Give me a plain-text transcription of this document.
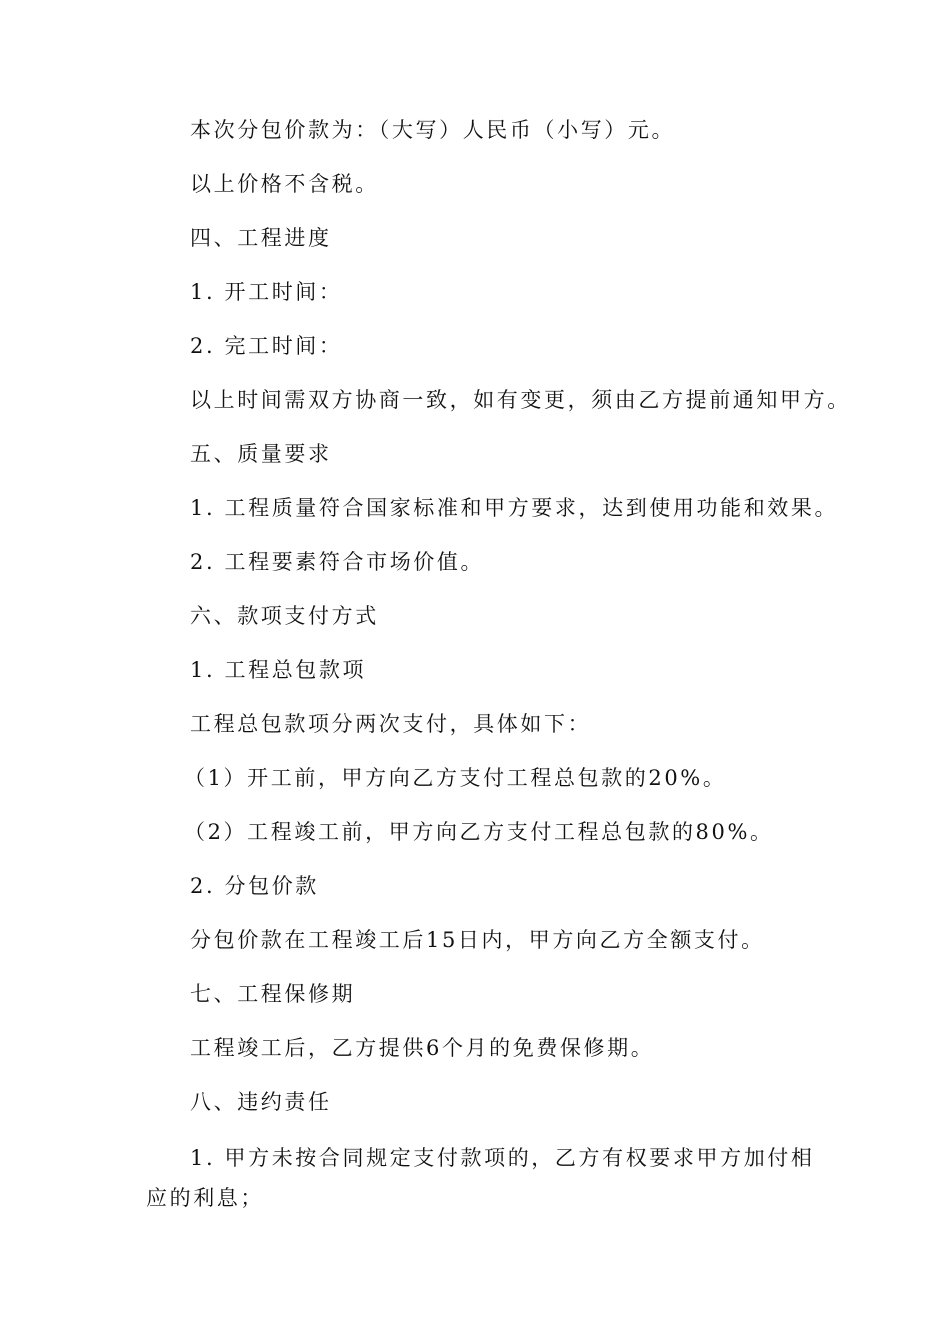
本次分包价款为：（大写）人民币（小写）元。

以上价格不含税。

四、工程进度

1. 开工时间：

2. 完工时间：

以上时间需双方协商一致，如有变更，须由乙方提前通知甲方。

五、质量要求

1. 工程质量符合国家标准和甲方要求，达到使用功能和效果。

2. 工程要素符合市场价值。

六、款项支付方式

1. 工程总包款项

工程总包款项分两次支付，具体如下：

（1）开工前，甲方向乙方支付工程总包款的20%。

（2）工程竣工前，甲方向乙方支付工程总包款的80%。

2. 分包价款

分包价款在工程竣工后15日内，甲方向乙方全额支付。

七、工程保修期

工程竣工后，乙方提供6个月的免费保修期。

八、违约责任

1. 甲方未按合同规定支付款项的，乙方有权要求甲方加付相应的利息；
